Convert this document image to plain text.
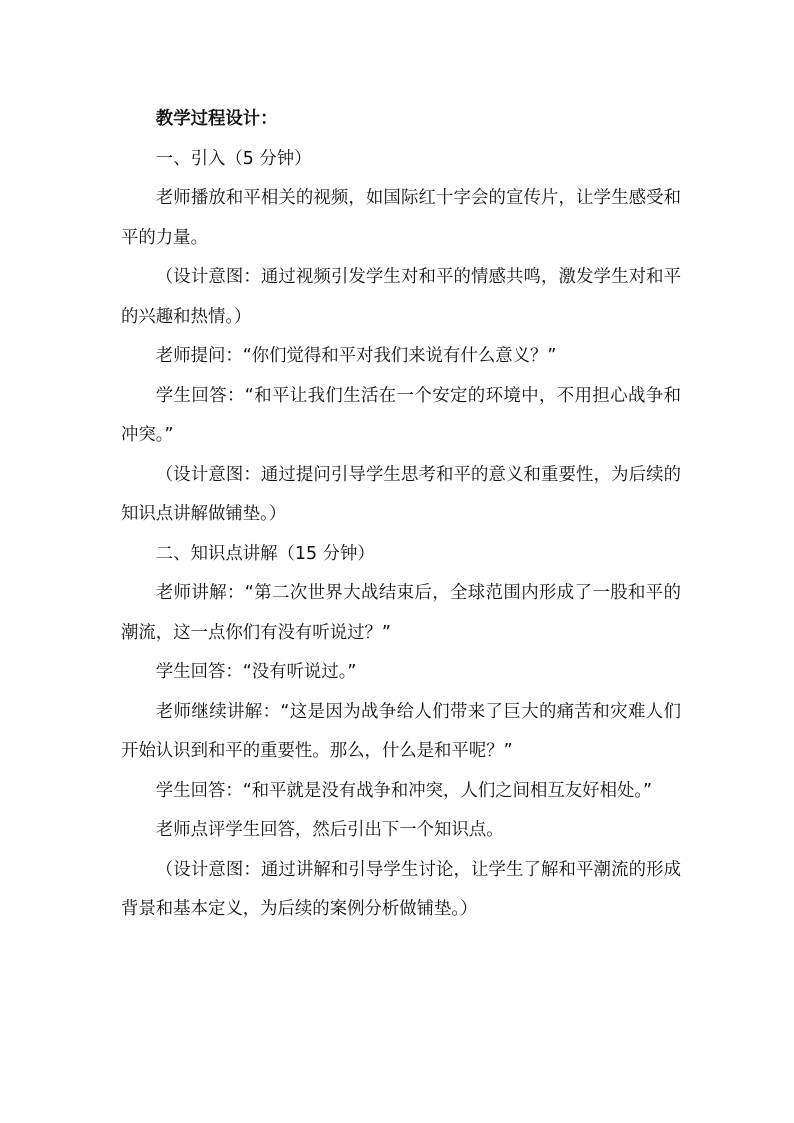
教学过程设计：

一、引入（5 分钟）

老师播放和平相关的视频，如国际红十字会的宣传片，让学生感受和平的力量。

（设计意图：通过视频引发学生对和平的情感共鸣，激发学生对和平的兴趣和热情。）

老师提问：“你们觉得和平对我们来说有什么意义？”

学生回答：“和平让我们生活在一个安定的环境中，不用担心战争和冲突。”

（设计意图：通过提问引导学生思考和平的意义和重要性，为后续的知识点讲解做铺垫。）

二、知识点讲解（15 分钟）

老师讲解：“第二次世界大战结束后，全球范围内形成了一股和平的潮流，这一点你们有没有听说过？”

学生回答：“没有听说过。”

老师继续讲解：“这是因为战争给人们带来了巨大的痛苦和灾难人们开始认识到和平的重要性。那么，什么是和平呢？”

学生回答：“和平就是没有战争和冲突，人们之间相互友好相处。”

老师点评学生回答，然后引出下一个知识点。

（设计意图：通过讲解和引导学生讨论，让学生了解和平潮流的形成背景和基本定义，为后续的案例分析做铺垫。）
